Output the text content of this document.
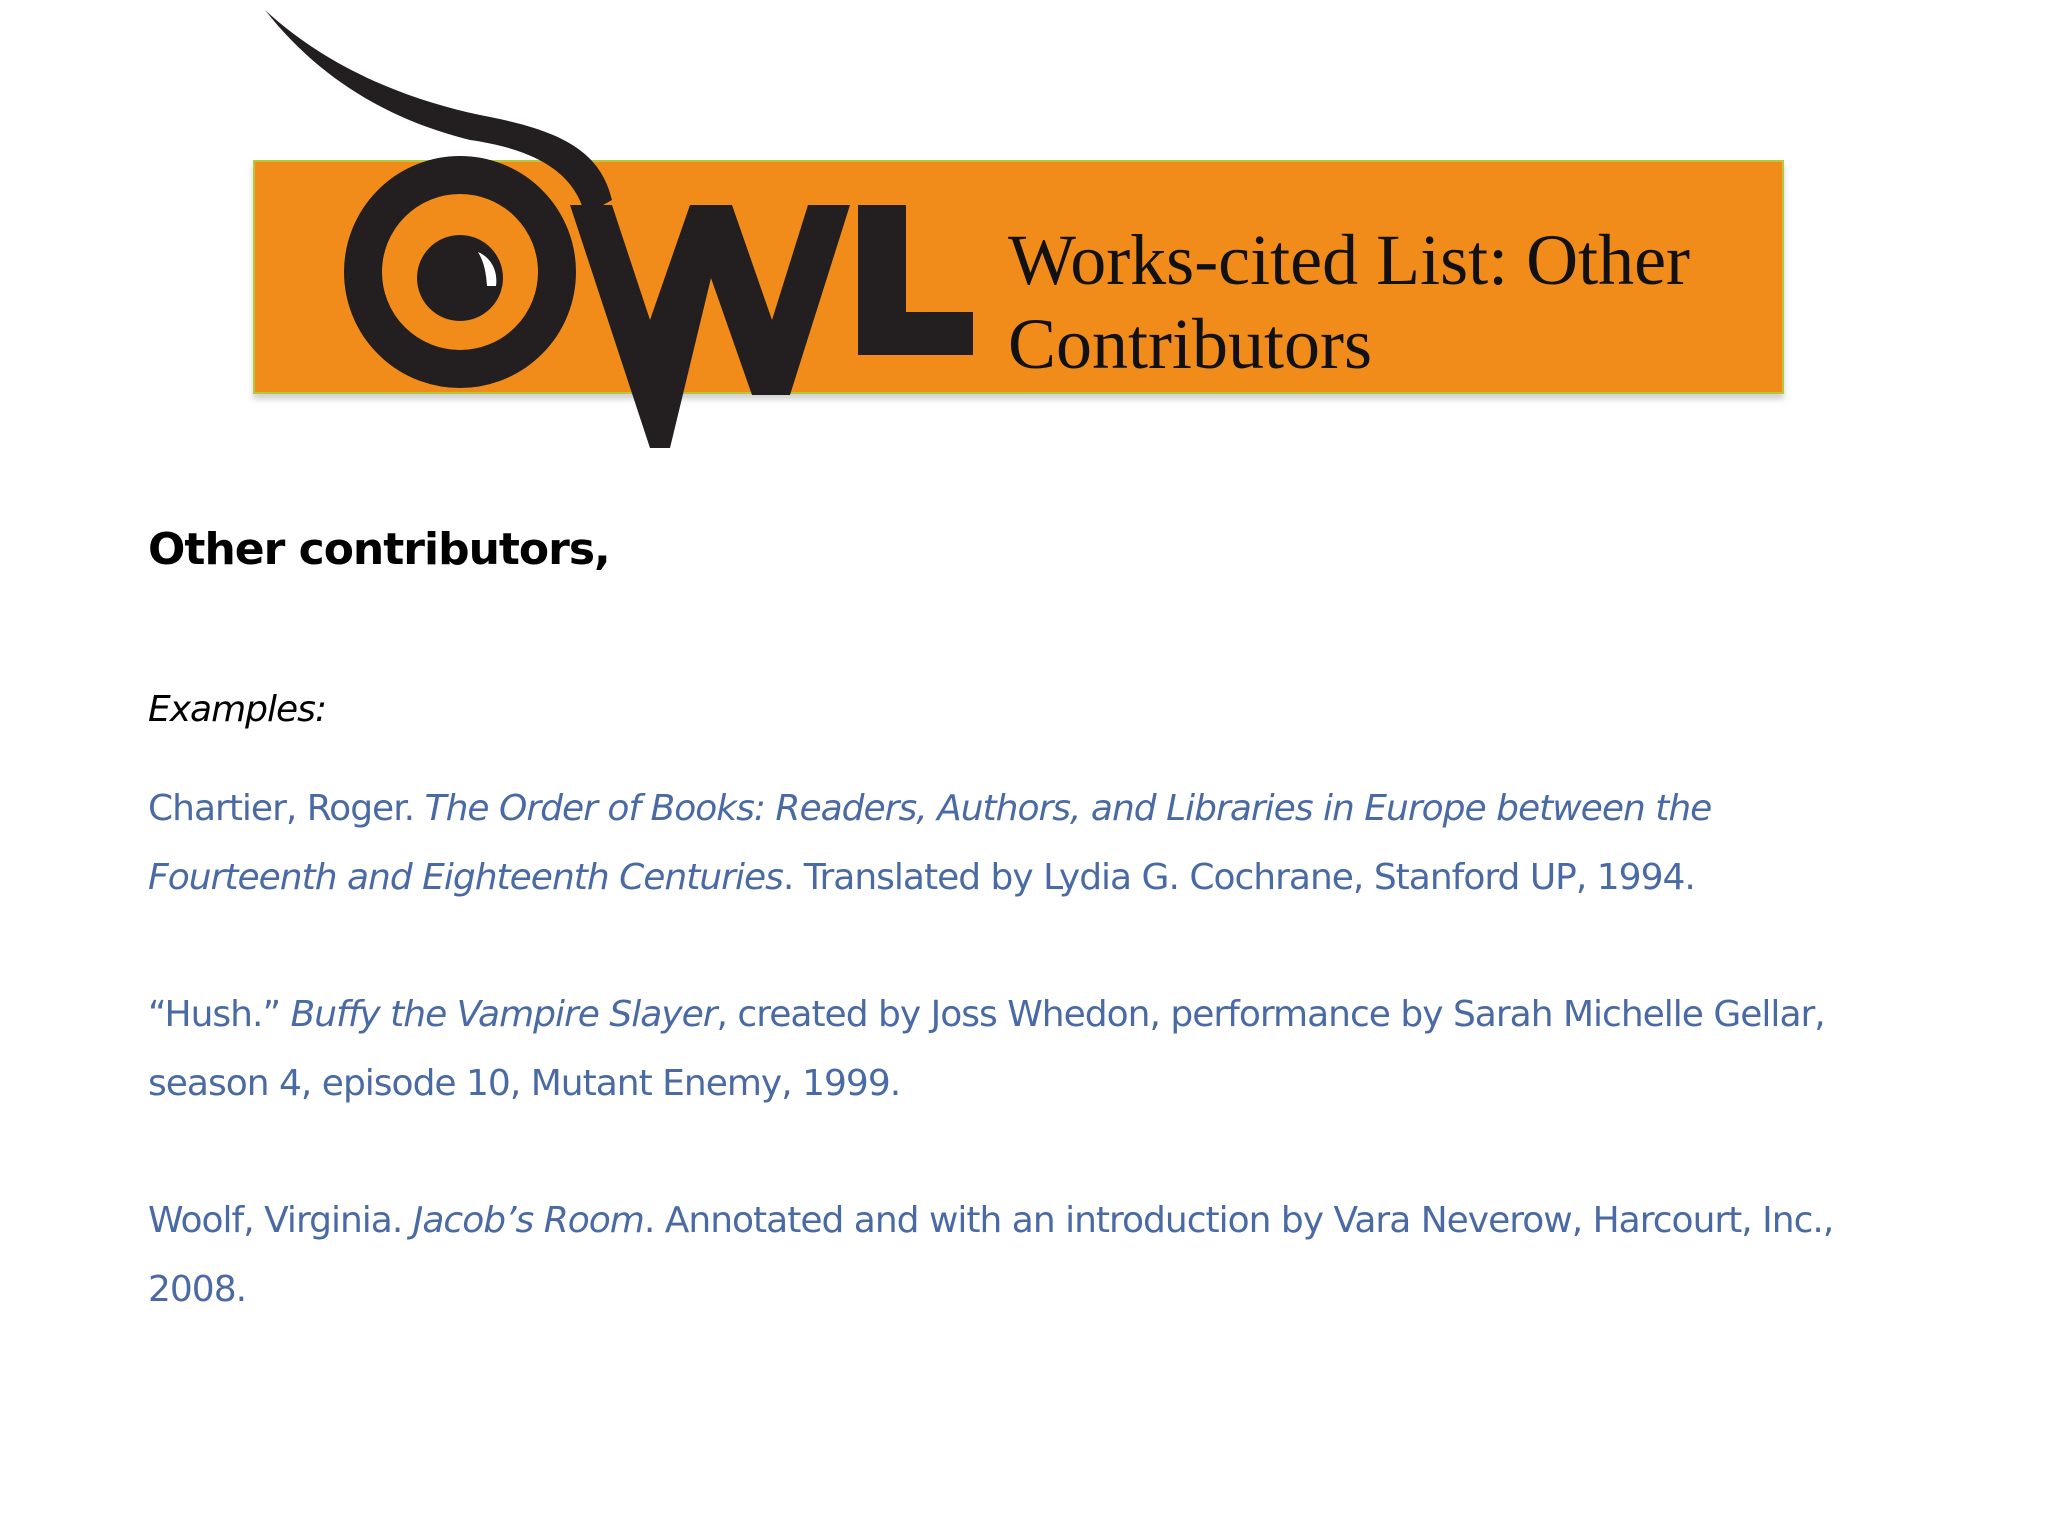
Works-cited List: Other
Contributors

Other contributors,

Examples:

Chartier, Roger. The Order of Books: Readers, Authors, and Libraries in Europe between the Fourteenth and Eighteenth Centuries. Translated by Lydia G. Cochrane, Stanford UP, 1994.
“Hush.” Buffy the Vampire Slayer, created by Joss Whedon, performance by Sarah Michelle Gellar, season 4, episode 10, Mutant Enemy, 1999.
Woolf, Virginia. Jacob’s Room. Annotated and with an introduction by Vara Neverow, Harcourt, Inc., 2008.
